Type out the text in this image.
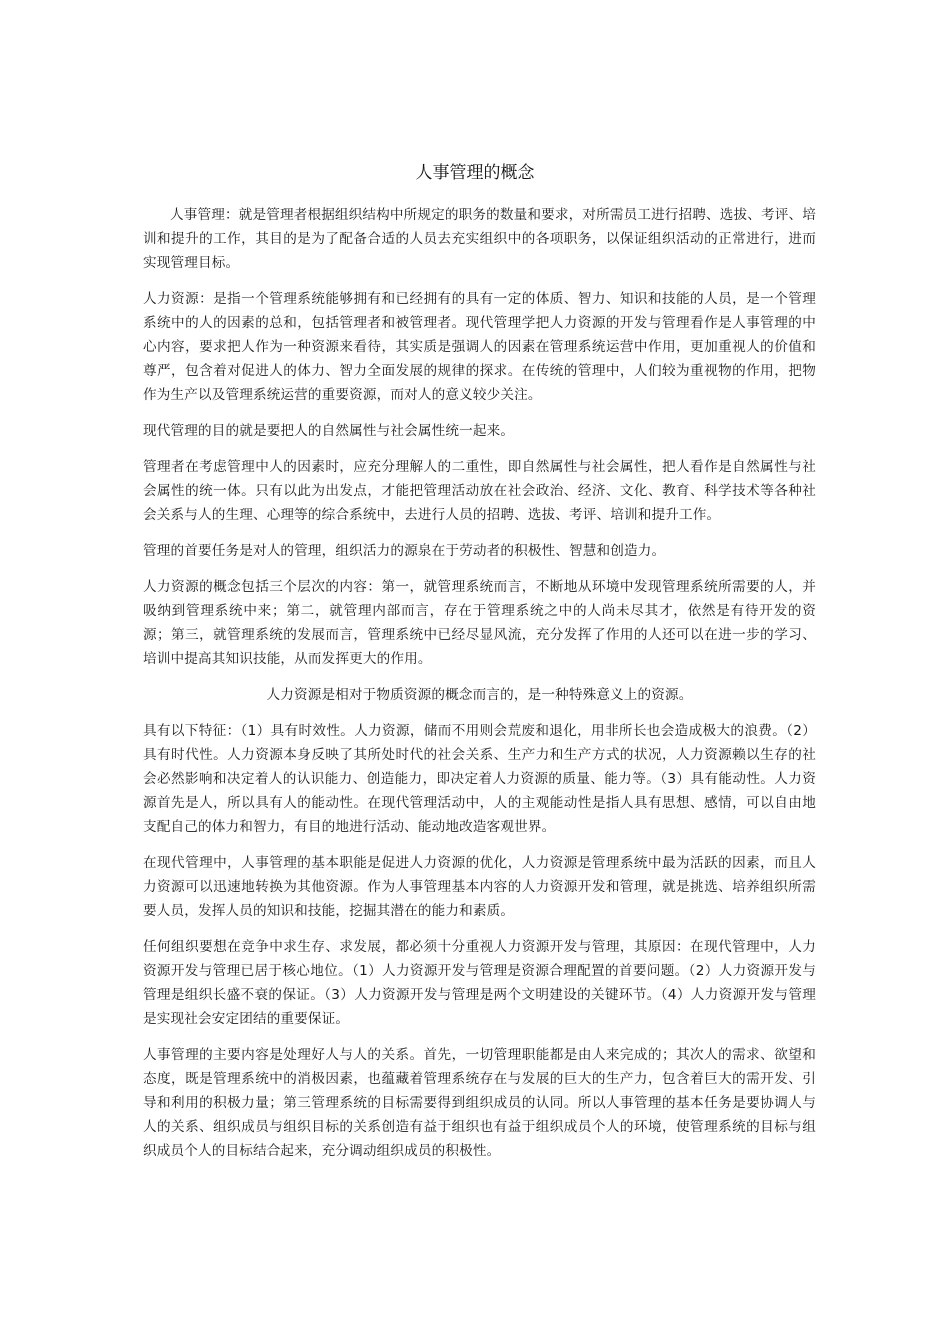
人事管理的概念

人事管理：就是管理者根据组织结构中所规定的职务的数量和要求，对所需员工进行招聘、选拔、考评、培训和提升的工作，其目的是为了配备合适的人员去充实组织中的各项职务，以保证组织活动的正常进行，进而实现管理目标。

人力资源：是指一个管理系统能够拥有和已经拥有的具有一定的体质、智力、知识和技能的人员，是一个管理系统中的人的因素的总和，包括管理者和被管理者。现代管理学把人力资源的开发与管理看作是人事管理的中心内容，要求把人作为一种资源来看待，其实质是强调人的因素在管理系统运营中作用，更加重视人的价值和尊严，包含着对促进人的体力、智力全面发展的规律的探求。在传统的管理中，人们较为重视物的作用，把物作为生产以及管理系统运营的重要资源，而对人的意义较少关注。

现代管理的目的就是要把人的自然属性与社会属性统一起来。

管理者在考虑管理中人的因素时，应充分理解人的二重性，即自然属性与社会属性，把人看作是自然属性与社会属性的统一体。只有以此为出发点，才能把管理活动放在社会政治、经济、文化、教育、科学技术等各种社会关系与人的生理、心理等的综合系统中，去进行人员的招聘、选拔、考评、培训和提升工作。

管理的首要任务是对人的管理，组织活力的源泉在于劳动者的积极性、智慧和创造力。

人力资源的概念包括三个层次的内容：第一，就管理系统而言，不断地从环境中发现管理系统所需要的人，并吸纳到管理系统中来；第二，就管理内部而言，存在于管理系统之中的人尚未尽其才，依然是有待开发的资源；第三，就管理系统的发展而言，管理系统中已经尽显风流，充分发挥了作用的人还可以在进一步的学习、培训中提高其知识技能，从而发挥更大的作用。

人力资源是相对于物质资源的概念而言的，是一种特殊意义上的资源。

具有以下特征：（1）具有时效性。人力资源，储而不用则会荒废和退化，用非所长也会造成极大的浪费。（2）具有时代性。人力资源本身反映了其所处时代的社会关系、生产力和生产方式的状况，人力资源赖以生存的社会必然影响和决定着人的认识能力、创造能力，即决定着人力资源的质量、能力等。（3）具有能动性。人力资源首先是人，所以具有人的能动性。在现代管理活动中，人的主观能动性是指人具有思想、感情，可以自由地支配自己的体力和智力，有目的地进行活动、能动地改造客观世界。

在现代管理中，人事管理的基本职能是促进人力资源的优化，人力资源是管理系统中最为活跃的因素，而且人力资源可以迅速地转换为其他资源。作为人事管理基本内容的人力资源开发和管理，就是挑选、培养组织所需要人员，发挥人员的知识和技能，挖掘其潜在的能力和素质。

任何组织要想在竞争中求生存、求发展，都必须十分重视人力资源开发与管理，其原因：在现代管理中，人力资源开发与管理已居于核心地位。（1）人力资源开发与管理是资源合理配置的首要问题。（2）人力资源开发与管理是组织长盛不衰的保证。（3）人力资源开发与管理是两个文明建设的关键环节。（4）人力资源开发与管理是实现社会安定团结的重要保证。

人事管理的主要内容是处理好人与人的关系。首先，一切管理职能都是由人来完成的；其次人的需求、欲望和态度，既是管理系统中的消极因素，也蕴藏着管理系统存在与发展的巨大的生产力，包含着巨大的需开发、引导和利用的积极力量；第三管理系统的目标需要得到组织成员的认同。所以人事管理的基本任务是要协调人与人的关系、组织成员与组织目标的关系创造有益于组织也有益于组织成员个人的环境，使管理系统的目标与组织成员个人的目标结合起来，充分调动组织成员的积极性。
